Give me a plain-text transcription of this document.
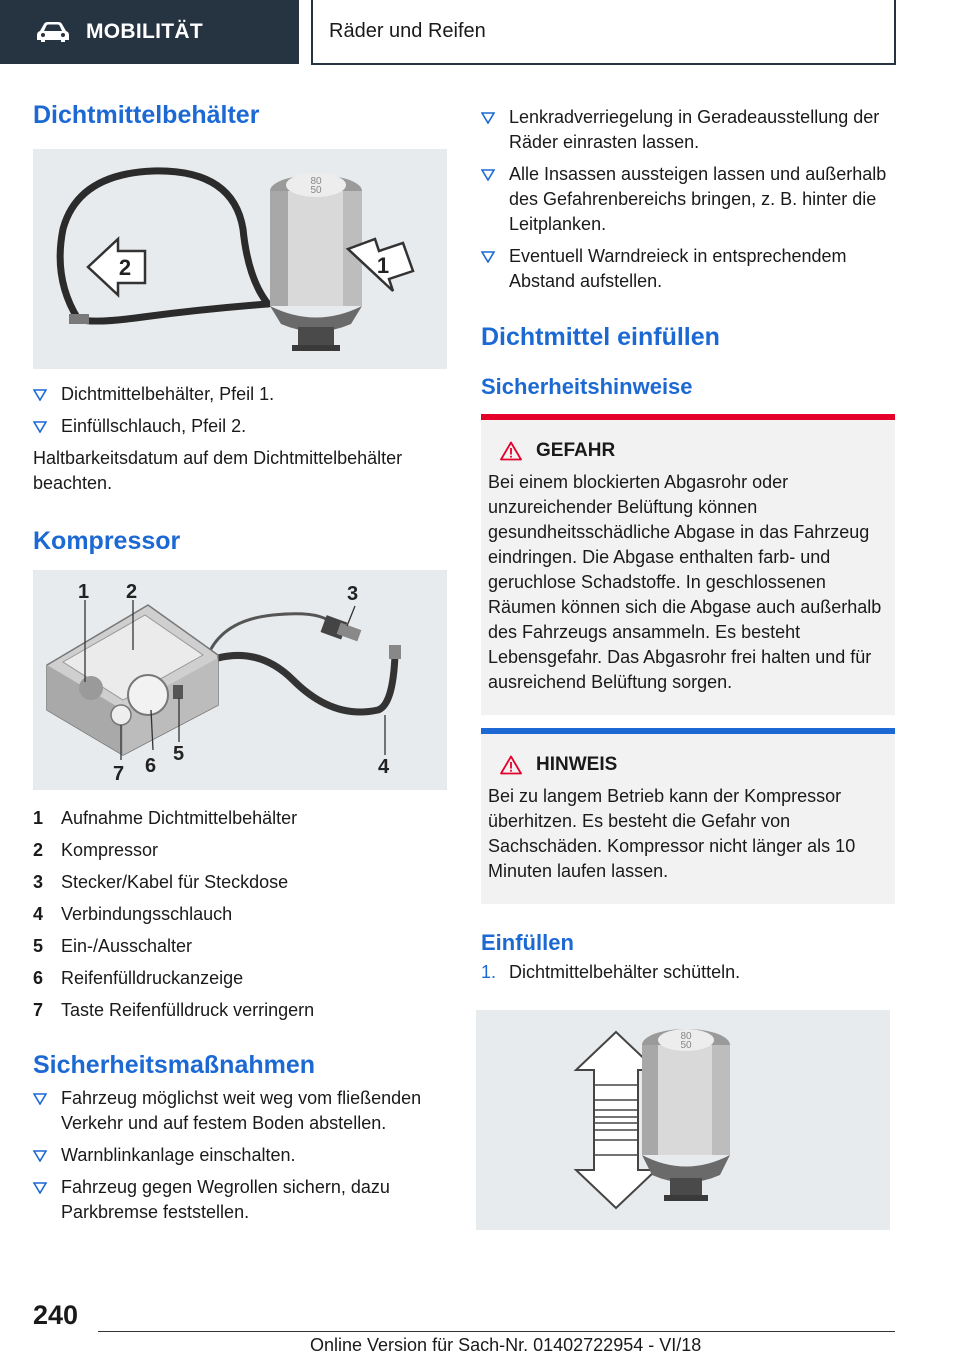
MOBILITÄT	Räder und Reifen
Dichtmittelbehälter
80
50
2	1
Dichtmittelbehälter, Pfeil 1.
Einfüllschlauch, Pfeil 2.

Haltbarkeitsdatum auf dem Dichtmittelbehälter beachten.

Kompressor
1 2	3
4
5
6
7
1 Aufnahme Dichtmittelbehälter
2 Kompressor
3 Stecker/Kabel für Steckdose
4 Verbindungsschlauch
5 Ein-/Ausschalter
6 Reifenfülldruckanzeige
7 Taste Reifenfülldruck verringern
Sicherheitsmaßnahmen
Fahrzeug möglichst weit weg vom fließenden Verkehr und auf festem Boden abstellen.
Warnblinkanlage einschalten.
Fahrzeug gegen Wegrollen sichern, dazu Parkbremse feststellen.
Lenkradverriegelung in Geradeausstellung der Räder einrasten lassen.
Alle Insassen aussteigen lassen und außerhalb des Gefahrenbereichs bringen, z. B. hinter die Leitplanken.
Eventuell Warndreieck in entsprechendem Abstand aufstellen.
Dichtmittel einfüllen
Sicherheitshinweise
GEFAHR

Bei einem blockierten Abgasrohr oder unzureichender Belüftung können gesundheitsschädliche Abgase in das Fahrzeug eindringen. Die Abgase enthalten farb- und geruchlose Schadstoffe. In geschlossenen Räumen können sich die Abgase auch außerhalb des Fahrzeugs ansammeln. Es besteht Lebensgefahr. Das Abgasrohr frei halten und für ausreichend Belüftung sorgen.

HINWEIS

Bei zu langem Betrieb kann der Kompressor überhitzen. Es besteht die Gefahr von Sachschäden. Kompressor nicht länger als 10 Minuten laufen lassen.

Einfüllen
1. Dichtmittelbehälter schütteln.
80
50
240
Online Version für Sach-Nr. 01402722954 - VI/18
